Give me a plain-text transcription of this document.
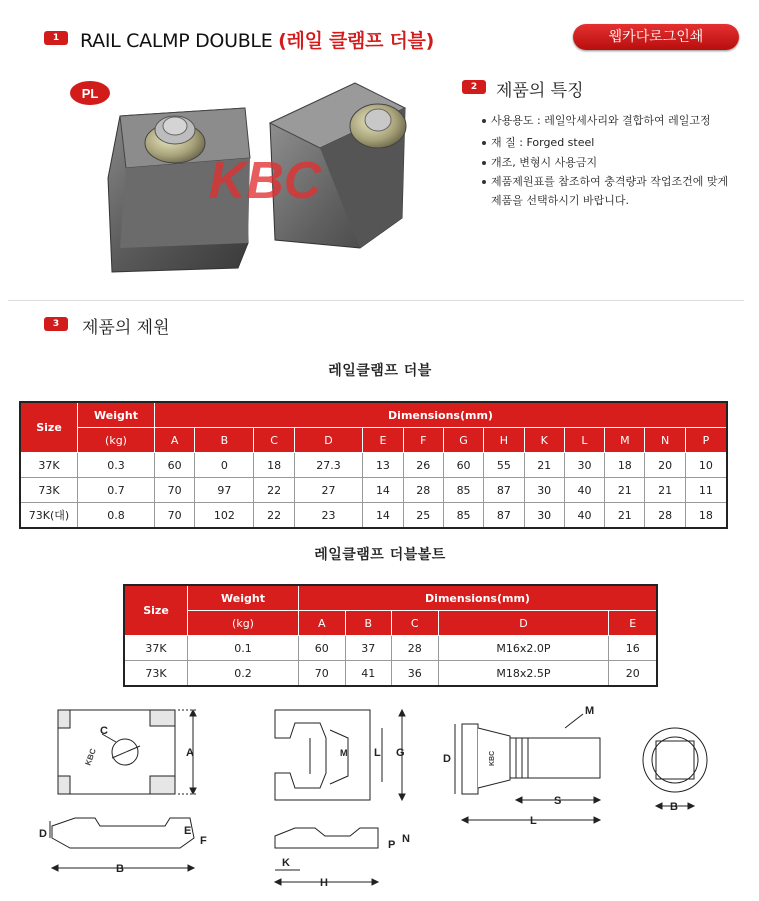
1	RAIL CALMP DOUBLE (레일 클램프 더블)	웹카다로그인쇄
PL
KBC
2	제품의 특징
사용용도 : 레일악세사리와 결합하여 레일고정
재 질 : Forged steel
개조, 변형시 사용금지
제품제원표를 참조하여 충격량과 작업조건에 맞게
제품을 선택하시기 바랍니다.
3	제품의 제원
레일클램프 더블
Size	Weight	Dimensions(mm)												
	(kg)	A	B	C	D	E	F	G	H	K	L	M	N	P
37K	0.3	60	0	18	27.3	13	26	60	55	21	30	18	20	10
73K	0.7	70	97	22	27	14	28	85	87	30	40	21	21	11
73K(대)	0.8	70	102	22	23	14	25	85	87	30	40	21	28	18
레일클램프 더블볼트
Size	Weight	Dimensions(mm)				
	(kg)	A	B	C	D	E
37K	0.1	60	37	28	M16x2.0P	16
73K	0.2	70	41	36	M18x2.5P	20
C
KBC	A
D	E
F
B
M L G
P N
K
H
KBC
M
D
S
L
B
